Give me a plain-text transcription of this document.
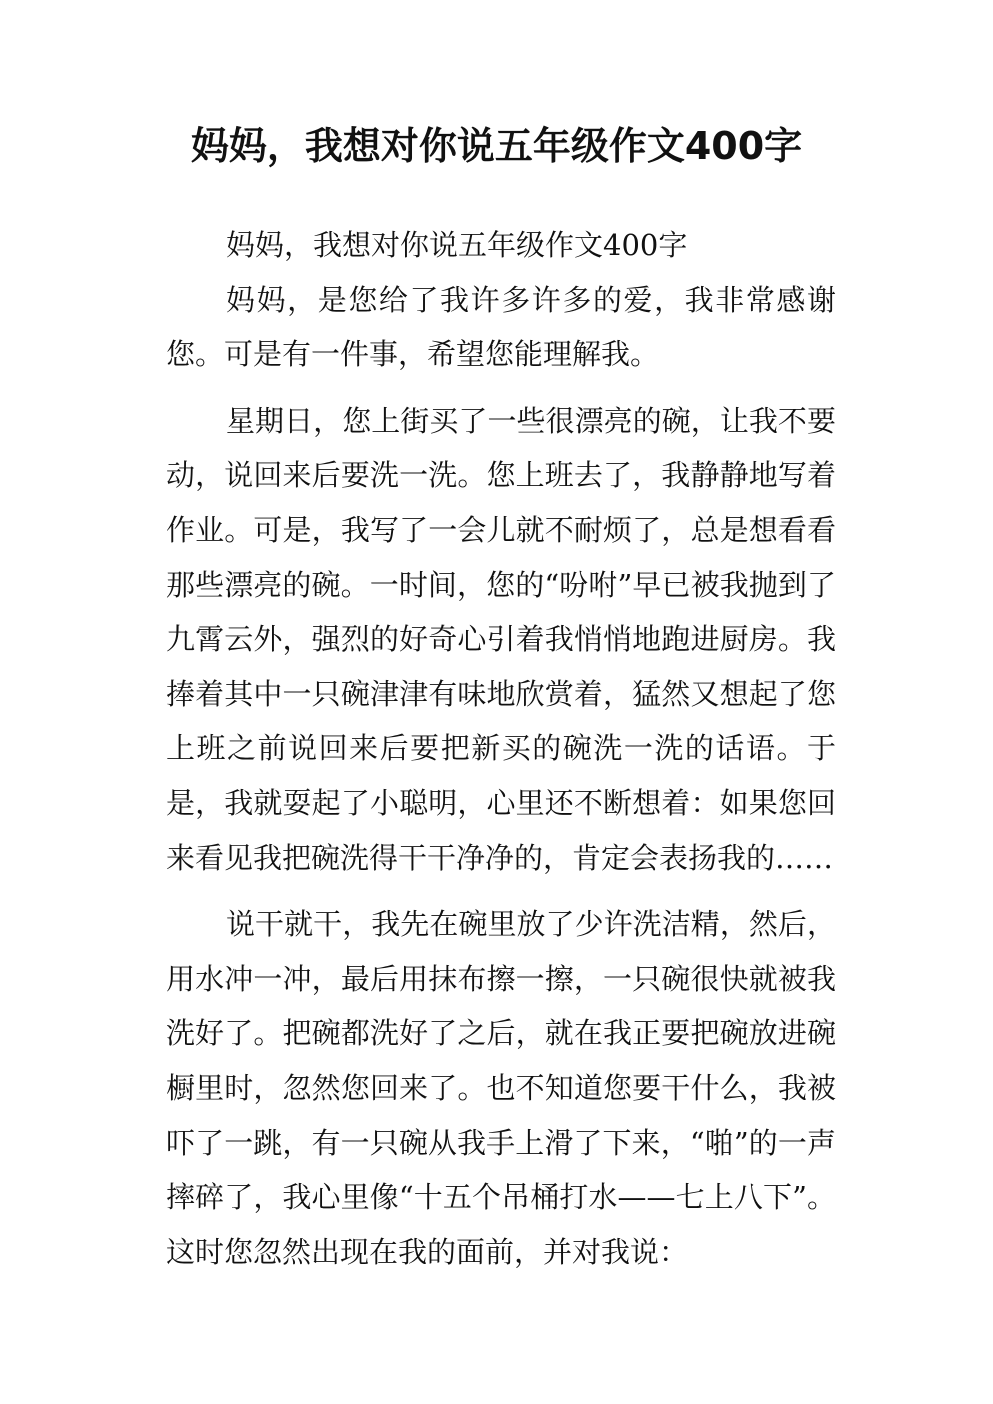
妈妈，我想对你说五年级作文400字

妈妈，我想对你说五年级作文400字

妈妈，是您给了我许多许多的爱，我非常感谢您。可是有一件事，希望您能理解我。

星期日，您上街买了一些很漂亮的碗，让我不要动，说回来后要洗一洗。您上班去了，我静静地写着作业。可是，我写了一会儿就不耐烦了，总是想看看那些漂亮的碗。一时间，您的“吩咐”早已被我抛到了九霄云外，强烈的好奇心引着我悄悄地跑进厨房。我捧着其中一只碗津津有味地欣赏着，猛然又想起了您上班之前说回来后要把新买的碗洗一洗的话语。于是，我就耍起了小聪明，心里还不断想着：如果您回来看见我把碗洗得干干净净的，肯定会表扬我的……

说干就干，我先在碗里放了少许洗洁精，然后，用水冲一冲，最后用抹布擦一擦，一只碗很快就被我洗好了。把碗都洗好了之后，就在我正要把碗放进碗橱里时，忽然您回来了。也不知道您要干什么，我被吓了一跳，有一只碗从我手上滑了下来，“啪”的一声摔碎了，我心里像“十五个吊桶打水——七上八下”。这时您忽然出现在我的面前，并对我说：
